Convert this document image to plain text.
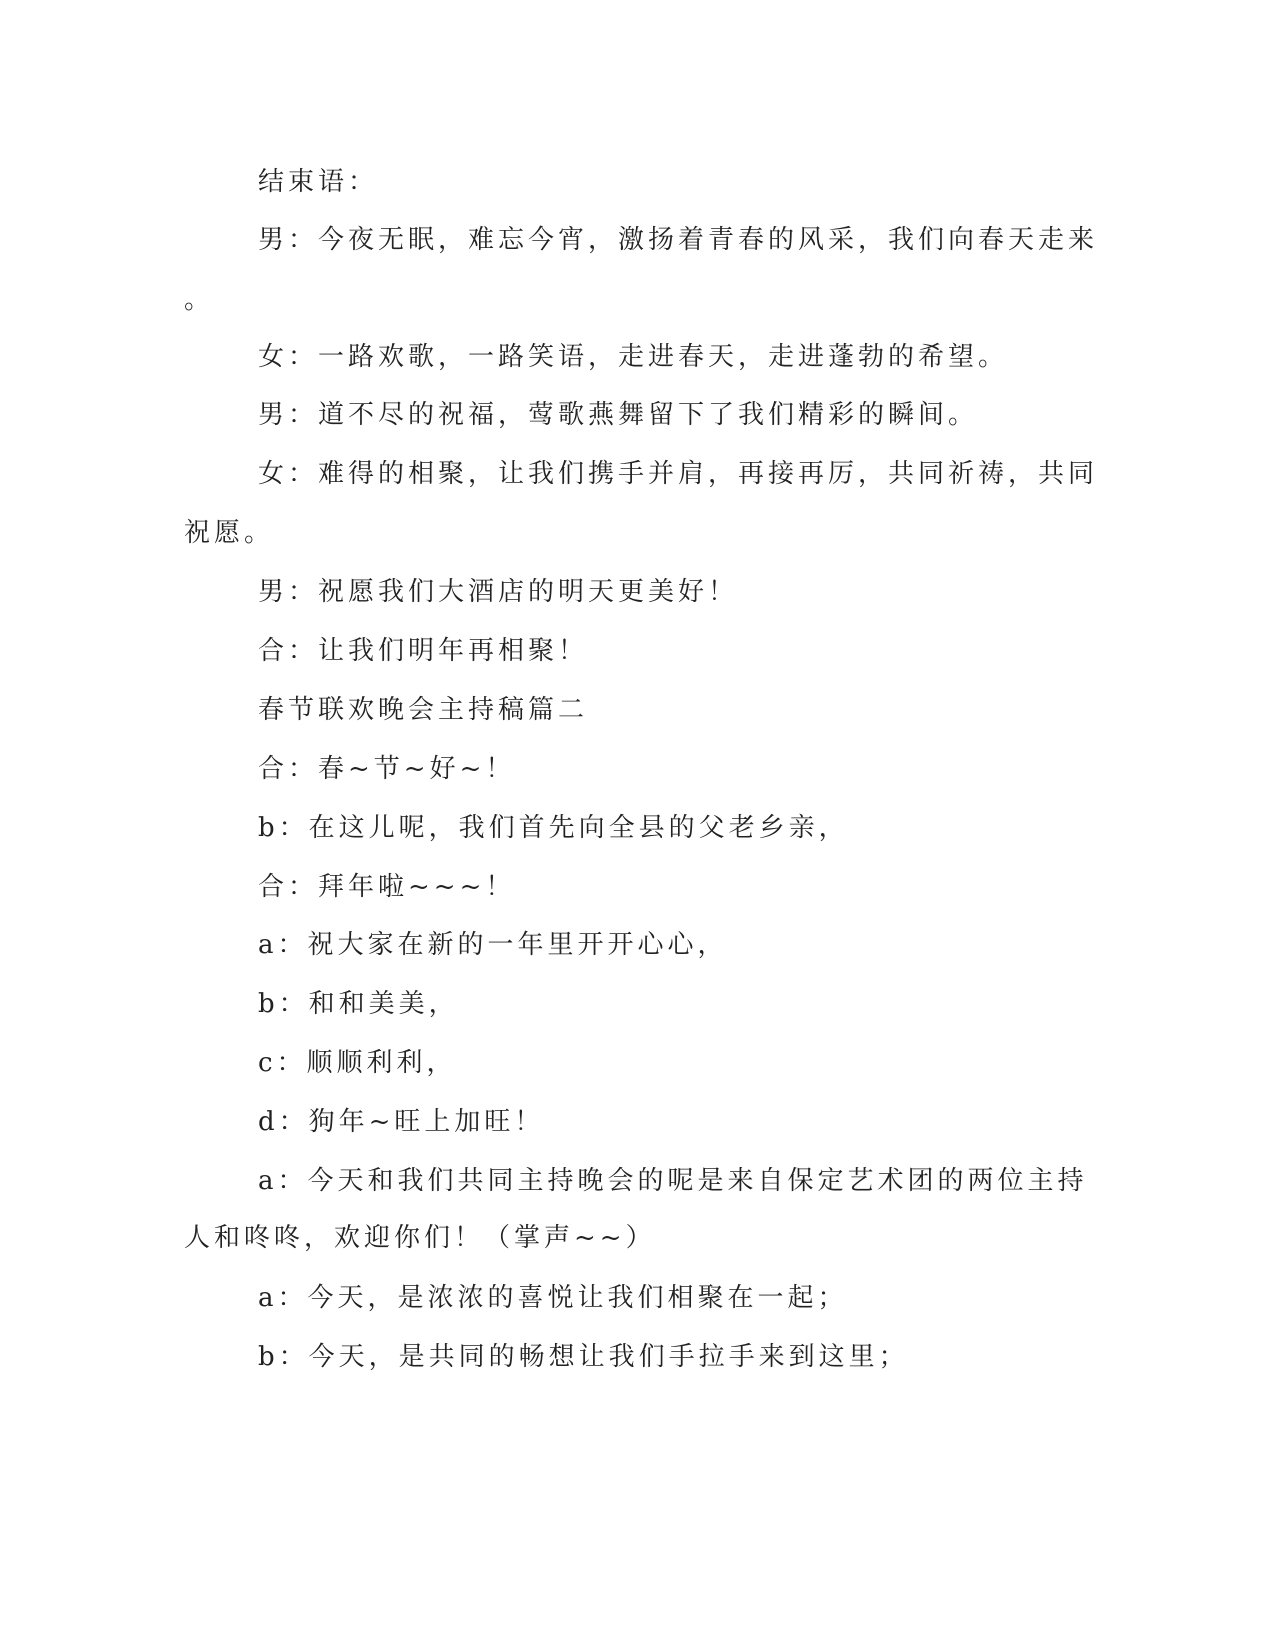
结束语：
男：今夜无眠，难忘今宵，激扬着青春的风采，我们向春天走来
。
女：一路欢歌，一路笑语，走进春天，走进蓬勃的希望。
男：道不尽的祝福，莺歌燕舞留下了我们精彩的瞬间。
女：难得的相聚，让我们携手并肩，再接再厉，共同祈祷，共同
祝愿。
男：祝愿我们大酒店的明天更美好！
合：让我们明年再相聚！
春节联欢晚会主持稿篇二
合：春~节~好~！
b：在这儿呢，我们首先向全县的父老乡亲，
合：拜年啦~~~！
a：祝大家在新的一年里开开心心，
b：和和美美，
c：顺顺利利，
d：狗年~旺上加旺！
a：今天和我们共同主持晚会的呢是来自保定艺术团的两位主持
人和咚咚，欢迎你们！（掌声~~）
a：今天，是浓浓的喜悦让我们相聚在一起；
b：今天，是共同的畅想让我们手拉手来到这里；
